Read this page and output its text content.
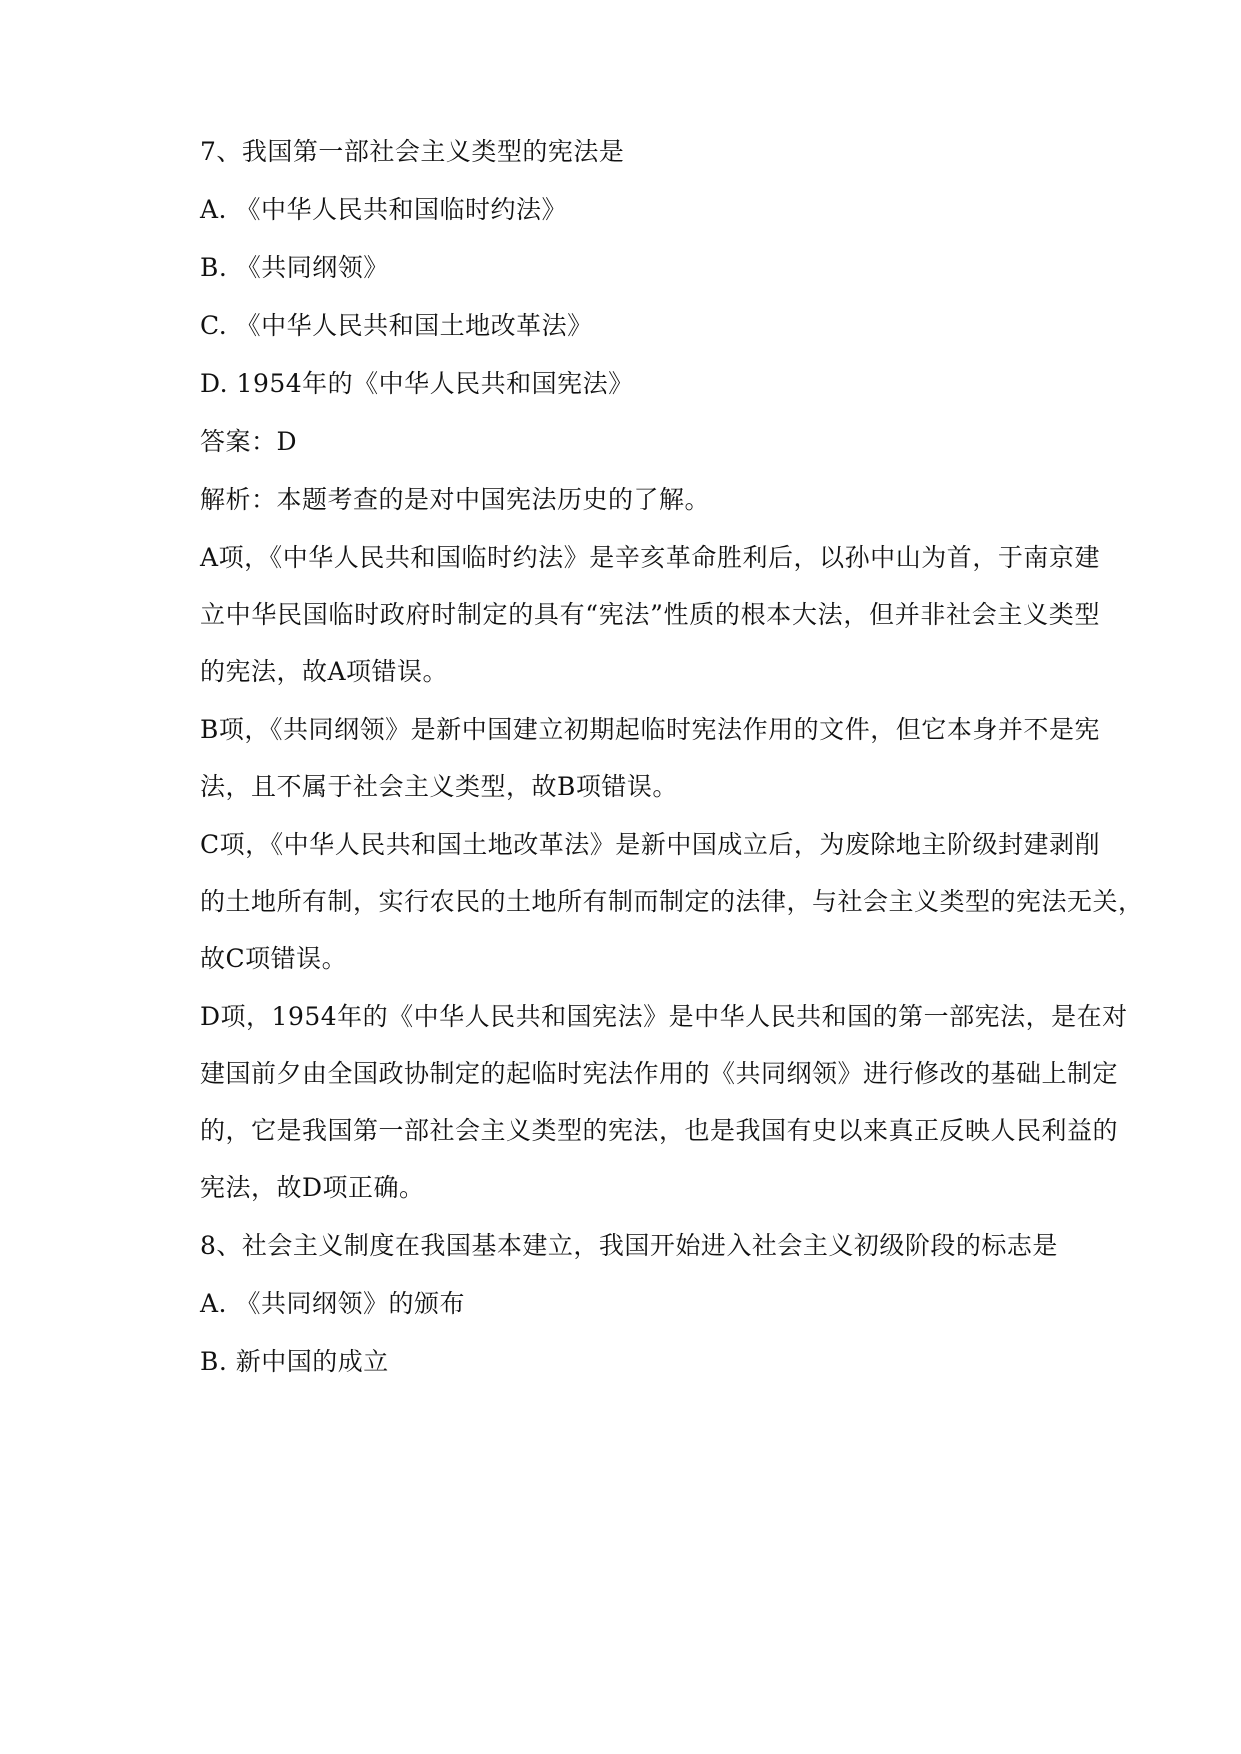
7、我国第一部社会主义类型的宪法是
A. 《中华人民共和国临时约法》
B. 《共同纲领》
C. 《中华人民共和国土地改革法》
D. 1954年的《中华人民共和国宪法》
答案：D
解析：本题考查的是对中国宪法历史的了解。
A项，《中华人民共和国临时约法》是辛亥革命胜利后，以孙中山为首，于南京建
立中华民国临时政府时制定的具有“宪法”性质的根本大法，但并非社会主义类型
的宪法，故A项错误。
B项，《共同纲领》是新中国建立初期起临时宪法作用的文件，但它本身并不是宪
法，且不属于社会主义类型，故B项错误。
C项，《中华人民共和国土地改革法》是新中国成立后，为废除地主阶级封建剥削
的土地所有制，实行农民的土地所有制而制定的法律，与社会主义类型的宪法无关，
故C项错误。
D项，1954年的《中华人民共和国宪法》是中华人民共和国的第一部宪法，是在对
建国前夕由全国政协制定的起临时宪法作用的《共同纲领》进行修改的基础上制定
的，它是我国第一部社会主义类型的宪法，也是我国有史以来真正反映人民利益的
宪法，故D项正确。
8、社会主义制度在我国基本建立，我国开始进入社会主义初级阶段的标志是
A. 《共同纲领》的颁布
B. 新中国的成立
